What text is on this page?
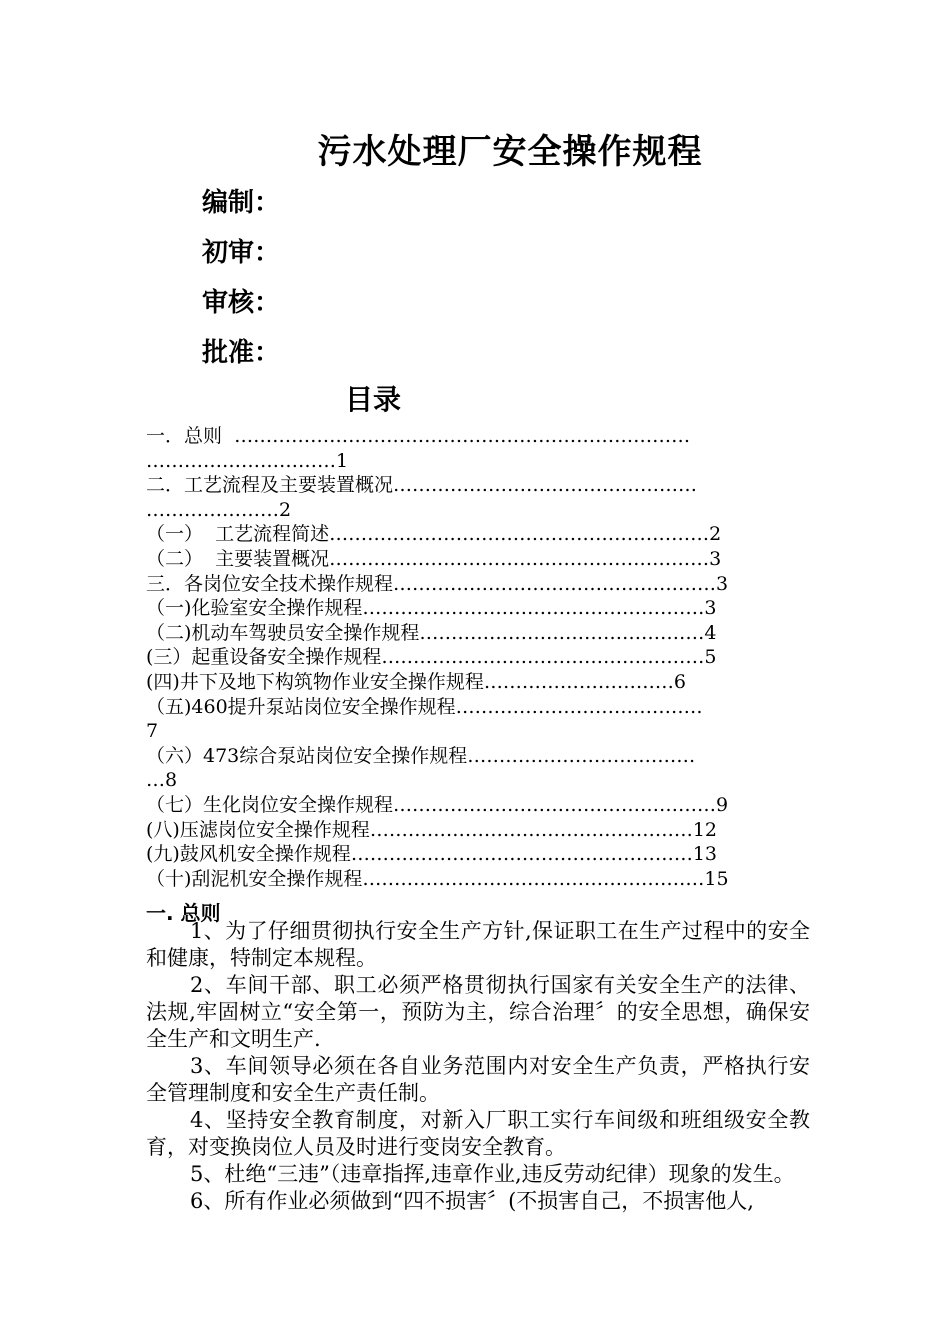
污水处理厂安全操作规程
编制：
初审：
审核：
批准：
目录
一．总则  ………………………………………………………………
…………………………1
二．工艺流程及主要装置概况…………………………………………
…………………2
（一）  工艺流程简述……………………………………………………2
（二）  主要装置概况……………………………………………………3
三．各岗位安全技术操作规程……………………………………………3
（一)化验室安全操作规程………………………………………………3
（二)机动车驾驶员安全操作规程………………………………………4
(三）起重设备安全操作规程……………………………………………5
(四)井下及地下构筑物作业安全操作规程…………………………6
（五)460提升泵站岗位安全操作规程…………………………………
7
（六）473综合泵站岗位安全操作规程………………………………
…8
（七）生化岗位安全操作规程……………………………………………9
(八)压滤岗位安全操作规程……………………………………………12
(九)鼓风机安全操作规程………………………………………………13
（十)刮泥机安全操作规程………………………………………………15
一. 总则

1、为了仔细贯彻执行安全生产方针,保证职工在生产过程中的安全和健康，特制定本规程。

2、车间干部、职工必须严格贯彻执行国家有关安全生产的法律、法规,牢固树立“安全第一，预防为主，综合治理〞的安全思想，确保安全生产和文明生产.

3、车间领导必须在各自业务范围内对安全生产负责，严格执行安全管理制度和安全生产责任制。

4、坚持安全教育制度，对新入厂职工实行车间级和班组级安全教育，对变换岗位人员及时进行变岗安全教育。

5、杜绝“三违”（违章指挥,违章作业,违反劳动纪律）现象的发生。

6、所有作业必须做到“四不损害〞(不损害自己，不损害他人,
